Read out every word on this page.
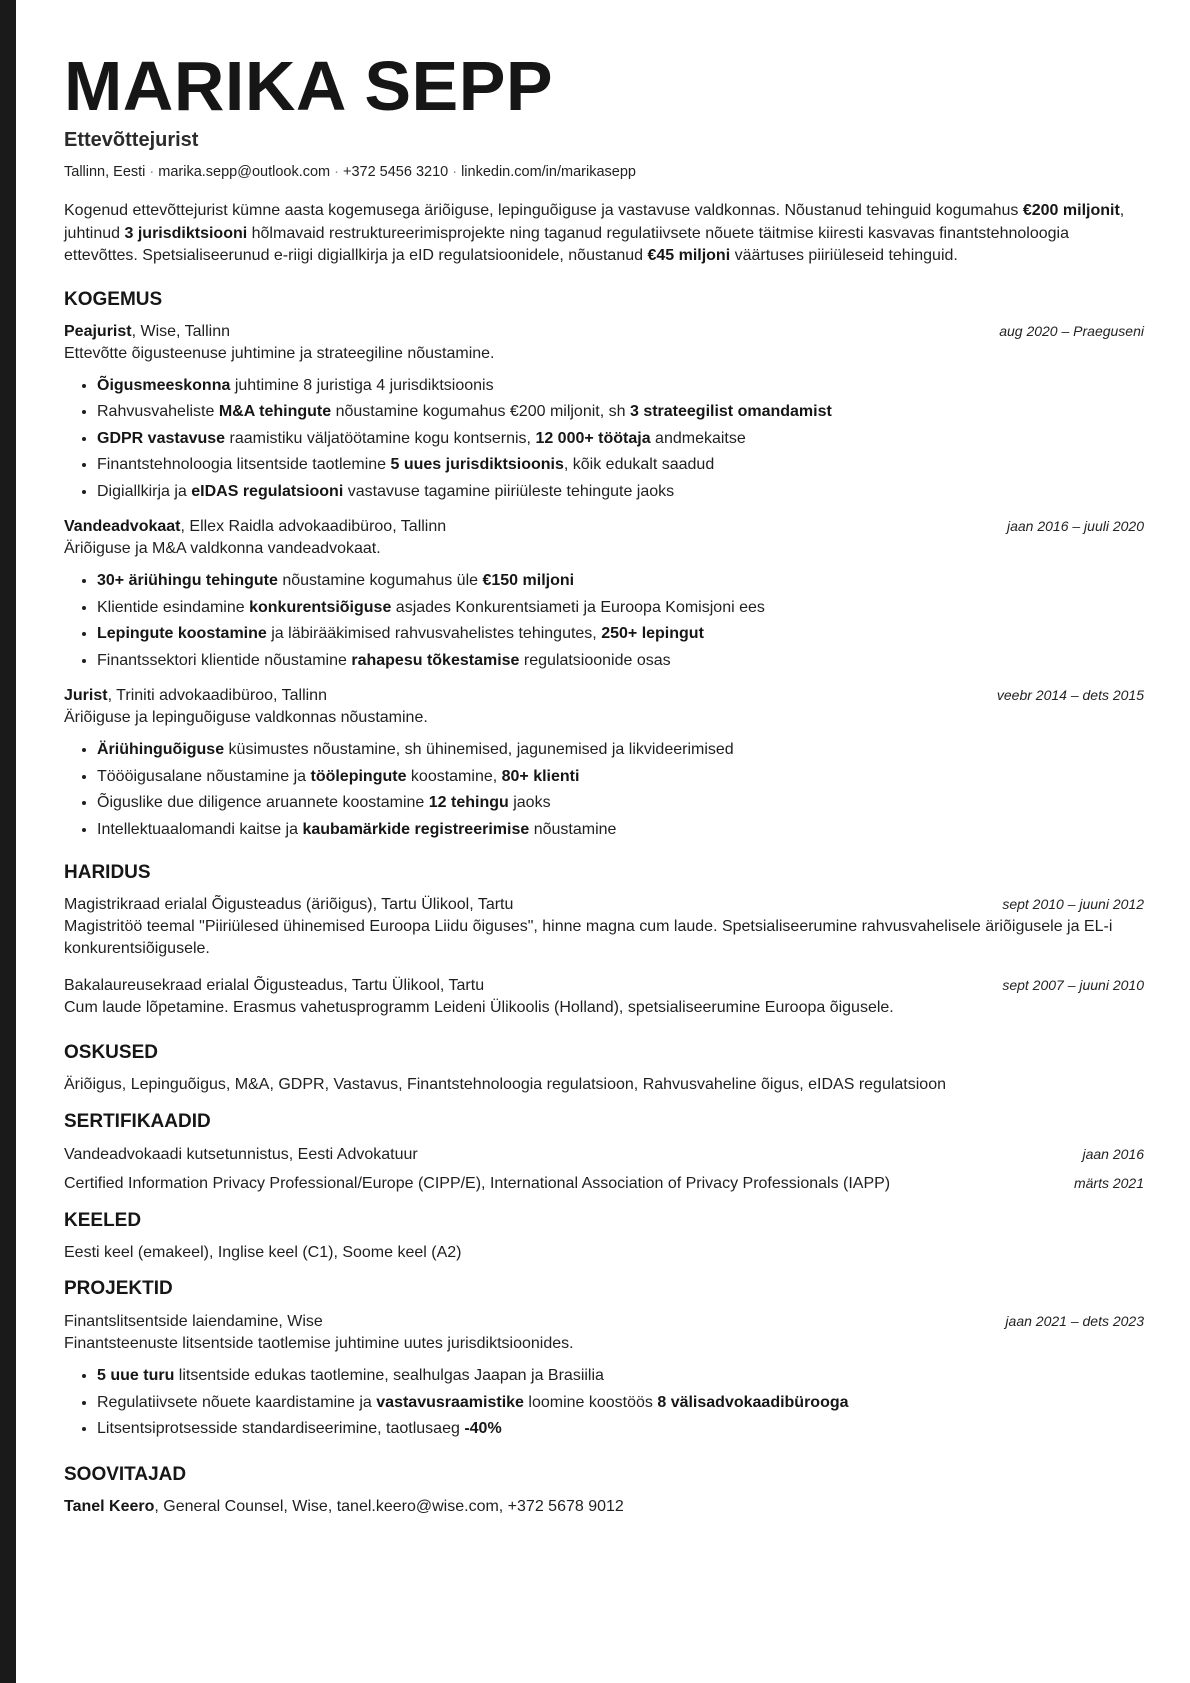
MARIKA SEPP
Ettevõttejurist
Tallinn, Eesti · marika.sepp@outlook.com · +372 5456 3210 · linkedin.com/in/marikasepp
Kogenud ettevõttejurist kümne aasta kogemusega äriõiguse, lepinguõiguse ja vastavuse valdkonnas. Nõustanud tehinguid kogumahus €200 miljonit, juhtinud 3 jurisdiktsiooni hõlmavaid restruktureerimisprojekte ning taganud regulatiivsete nõuete täitmise kiiresti kasvavas finantstehnoloogia ettevõttes. Spetsialiseerunud e-riigi digiallkirja ja eID regulatsioonidele, nõustanud €45 miljoni väärtuses piiriüleseid tehinguid.
KOGEMUS
Peajurist, Wise, Tallinn	aug 2020 – Praeguseni
Ettevõtte õigusteenuse juhtimine ja strateegiline nõustamine.
• Õigusmeeskonna juhtimine 8 juristiga 4 jurisdiktsioonis
• Rahvusvaheliste M&A tehingute nõustamine kogumahus €200 miljonit, sh 3 strateegilist omandamist
• GDPR vastavuse raamistiku väljatöötamine kogu kontsernis, 12 000+ töötaja andmekaitse
• Finantstehnoloogia litsentside taotlemine 5 uues jurisdiktsioonis, kõik edukalt saadud
• Digiallkirja ja eIDAS regulatsiooni vastavuse tagamine piiriüleste tehingute jaoks
Vandeadvokaat, Ellex Raidla advokaadibüroo, Tallinn	jaan 2016 – juuli 2020
Äriõiguse ja M&A valdkonna vandeadvokaat.
• 30+ äriühingu tehingute nõustamine kogumahus üle €150 miljoni
• Klientide esindamine konkurentsiõiguse asjades Konkurentsiameti ja Euroopa Komisjoni ees
• Lepingute koostamine ja läbirääkimised rahvusvahelistes tehingutes, 250+ lepingut
• Finantssektori klientide nõustamine rahapesu tõkestamise regulatsioonide osas
Jurist, Triniti advokaadibüroo, Tallinn	veebr 2014 – dets 2015
Äriõiguse ja lepinguõiguse valdkonnas nõustamine.
• Äriühinguõiguse küsimustes nõustamine, sh ühinemised, jagunemised ja likvideerimised
• Töööigusalane nõustamine ja töölepingute koostamine, 80+ klienti
• Õiguslike due diligence aruannete koostamine 12 tehingu jaoks
• Intellektuaalomandi kaitse ja kaubamärkide registreerimise nõustamine
HARIDUS
Magistrikraad erialal Õigusteadus (äriõigus), Tartu Ülikool, Tartu	sept 2010 – juuni 2012
Magistritöö teemal "Piiriülesed ühinemised Euroopa Liidu õiguses", hinne magna cum laude. Spetsialiseerumine rahvusvahelisele äriõigusele ja EL-i konkurentsiõigusele.
Bakalaureusekraad erialal Õigusteadus, Tartu Ülikool, Tartu	sept 2007 – juuni 2010
Cum laude lõpetamine. Erasmus vahetusprogramm Leideni Ülikoolis (Holland), spetsialiseerumine Euroopa õigusele.
OSKUSED
Äriõigus, Lepinguõigus, M&A, GDPR, Vastavus, Finantstehnoloogia regulatsioon, Rahvusvaheline õigus, eIDAS regulatsioon
SERTIFIKAADID
Vandeadvokaadi kutsetunnistus, Eesti Advokatuur	jaan 2016
Certified Information Privacy Professional/Europe (CIPP/E), International Association of Privacy Professionals (IAPP)	märts 2021
KEELED
Eesti keel (emakeel), Inglise keel (C1), Soome keel (A2)
PROJEKTID
Finantslitsentside laiendamine, Wise	jaan 2021 – dets 2023
Finantsteenuste litsentside taotlemise juhtimine uutes jurisdiktsioonides.
• 5 uue turu litsentside edukas taotlemine, sealhulgas Jaapan ja Brasiilia
• Regulatiivsete nõuete kaardistamine ja vastavusraamistike loomine koostöös 8 välisadvokaadibürooga
• Litsentsiprotsesside standardiseerimine, taotlusaeg -40%
SOOVITAJAD
Tanel Keero, General Counsel, Wise, tanel.keero@wise.com, +372 5678 9012
